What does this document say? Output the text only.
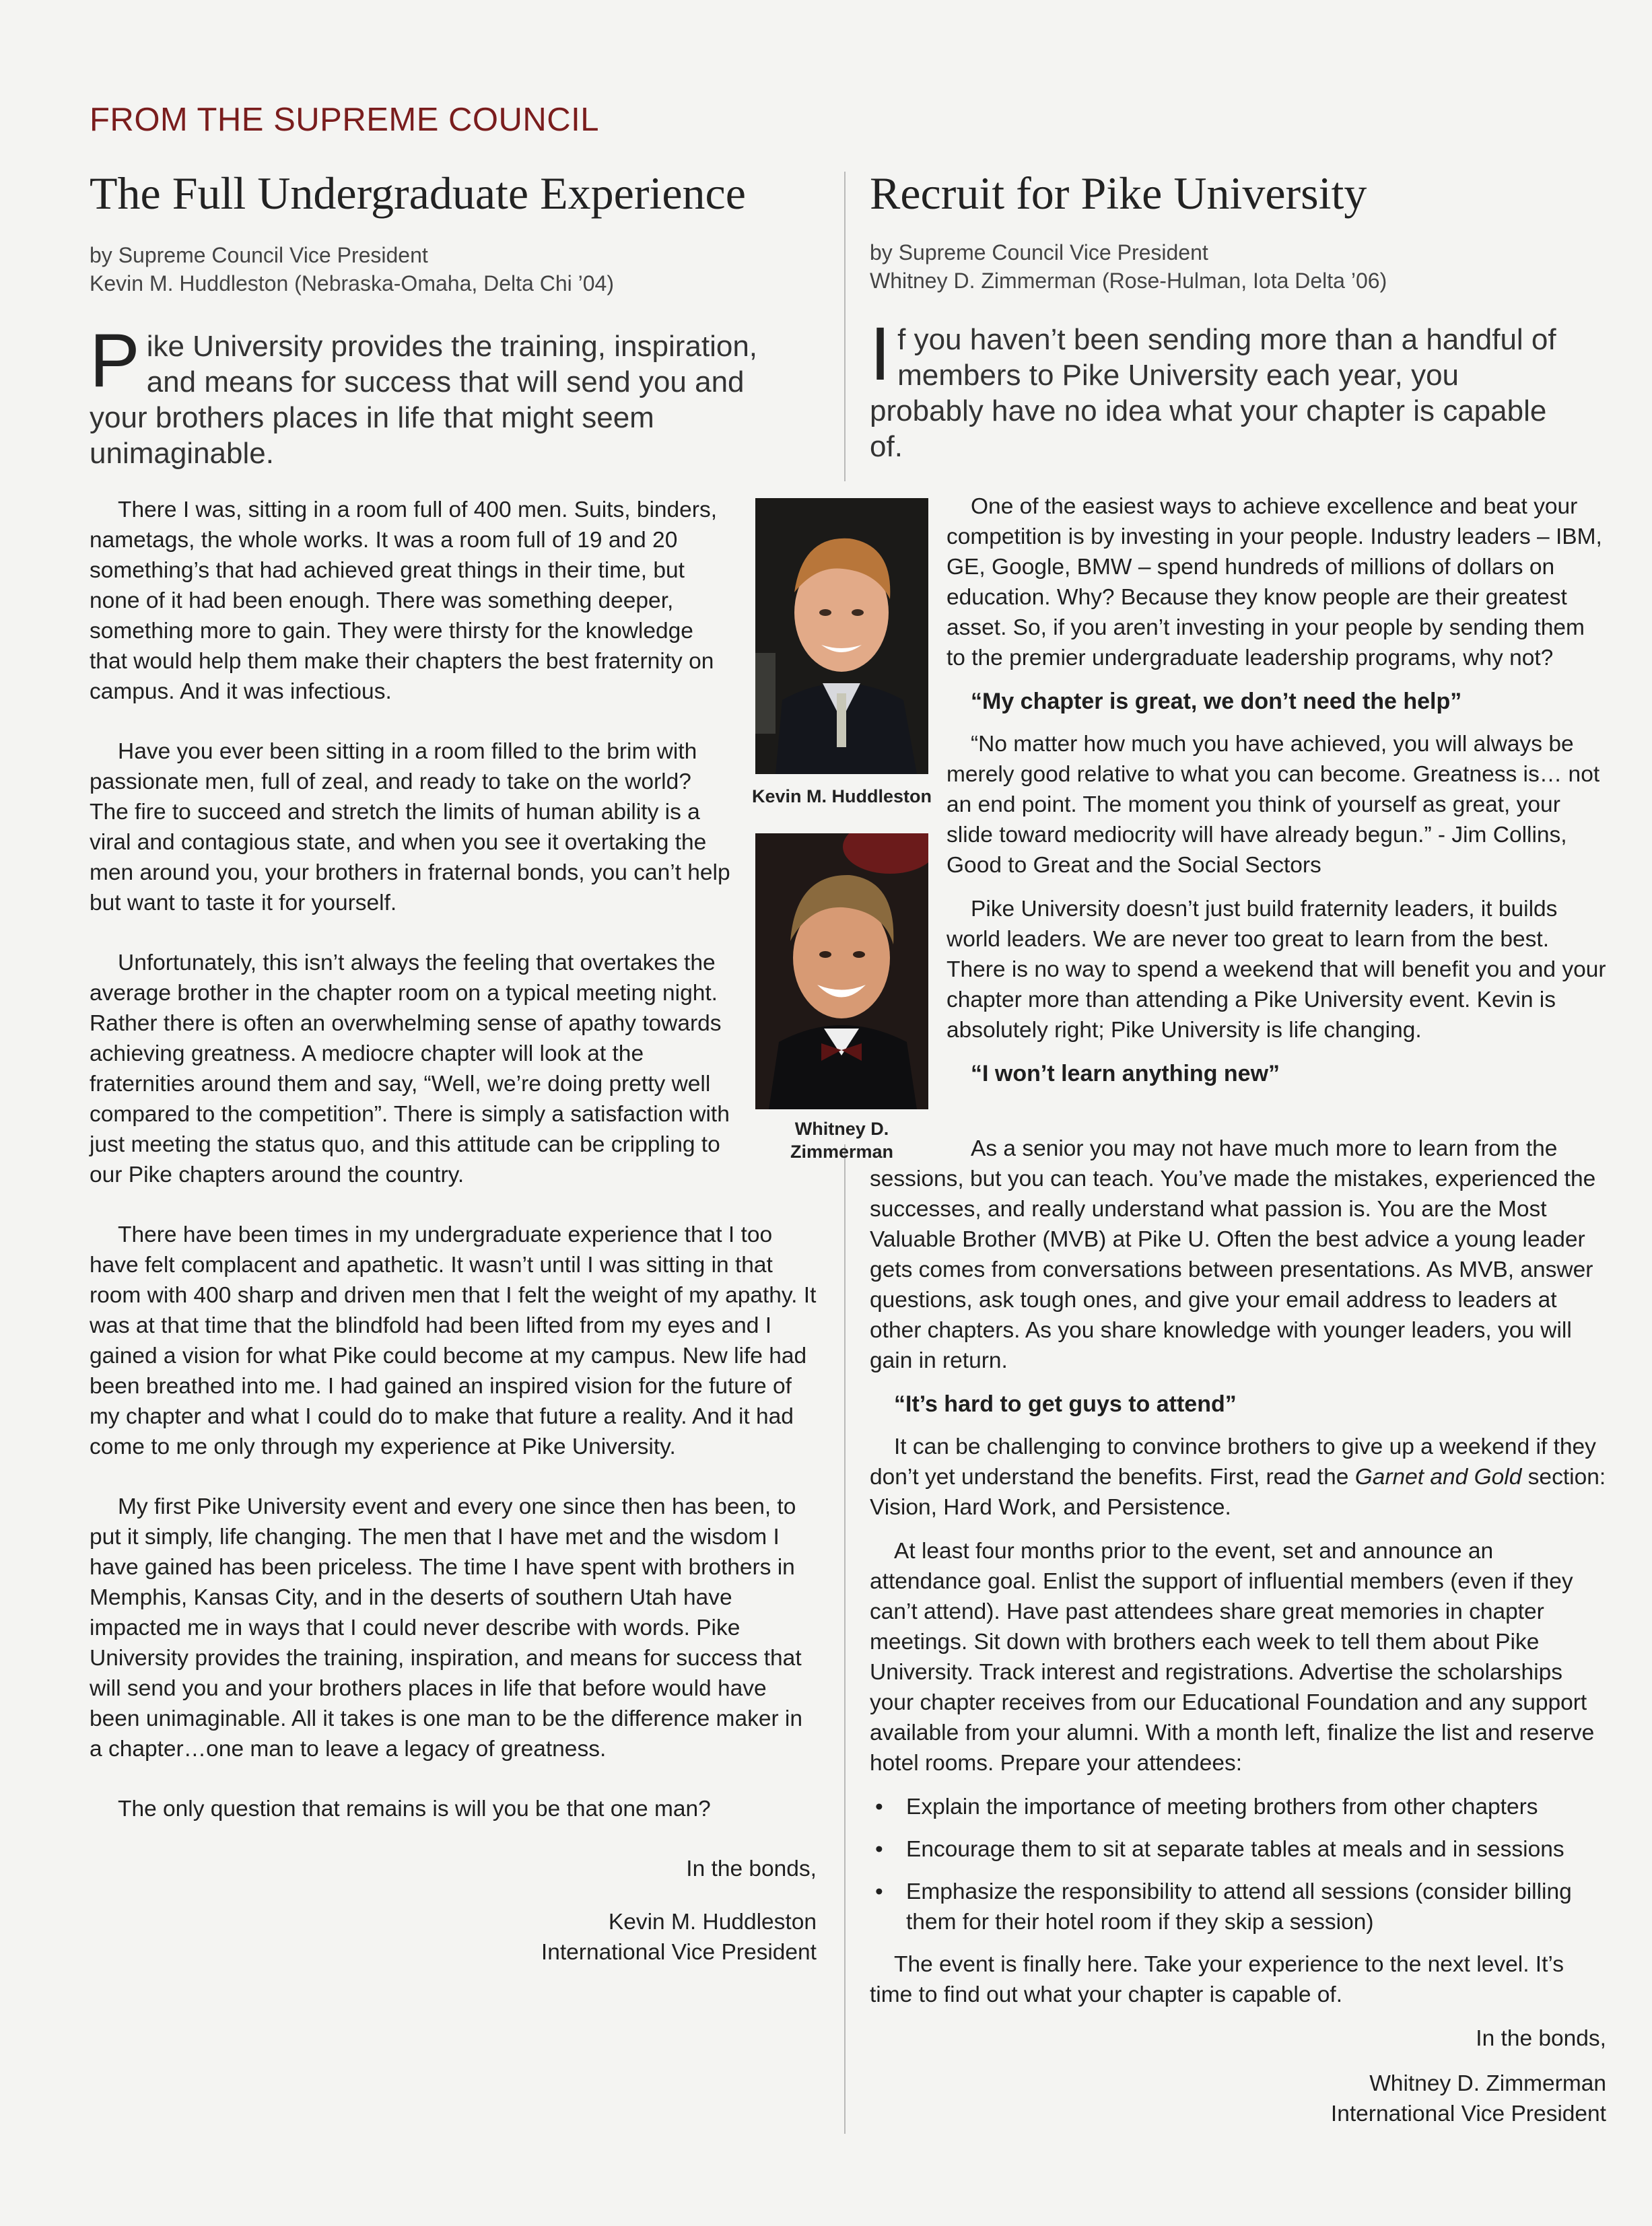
FROM THE SUPREME COUNCIL
The Full Undergraduate Experience
by Supreme Council Vice President
Kevin M. Huddleston (Nebraska-Omaha, Delta Chi ’04)
Pike University provides the training, inspiration, and means for success that will send you and your brothers places in life that might seem unimaginable.

There I was, sitting in a room full of 400 men. Suits, binders, nametags, the whole works. It was a room full of 19 and 20 something’s that had achieved great things in their time, but none of it had been enough. There was something deeper, something more to gain. They were thirsty for the knowledge that would help them make their chapters the best fraternity on campus. And it was infectious.

Have you ever been sitting in a room filled to the brim with passionate men, full of zeal, and ready to take on the world? The fire to succeed and stretch the limits of human ability is a viral and contagious state, and when you see it overtaking the men around you, your brothers in fraternal bonds, you can’t help but want to taste it for yourself.

Unfortunately, this isn’t always the feeling that overtakes the average brother in the chapter room on a typical meeting night. Rather there is often an overwhelming sense of apathy towards achieving greatness. A mediocre chapter will look at the fraternities around them and say, “Well, we’re doing pretty well compared to the competition”. There is simply a satisfaction with just meeting the status quo, and this attitude can be crippling to our Pike chapters around the country.

There have been times in my undergraduate experience that I too have felt complacent and apathetic. It wasn’t until I was sitting in that room with 400 sharp and driven men that I felt the weight of my apathy. It was at that time that the blindfold had been lifted from my eyes and I gained a vision for what Pike could become at my campus. New life had been breathed into me. I had gained an inspired vision for the future of my chapter and what I could do to make that future a reality. And it had come to me only through my experience at Pike University.

My first Pike University event and every one since then has been, to put it simply, life changing. The men that I have met and the wisdom I have gained has been priceless. The time I have spent with brothers in Memphis, Kansas City, and in the deserts of southern Utah have impacted me in ways that I could never describe with words. Pike University provides the training, inspiration, and means for success that will send you and your brothers places in life that before would have been unimaginable. All it takes is one man to be the difference maker in a chapter…one man to leave a legacy of greatness.

The only question that remains is will you be that one man?

In the bonds,

Kevin M. Huddleston

International Vice President

Kevin M. Huddleston
Whitney D.
Zimmerman
Recruit for Pike University
by Supreme Council Vice President
Whitney D. Zimmerman (Rose-Hulman, Iota Delta ’06)
If you haven’t been sending more than a handful of members to Pike University each year, you probably have no idea what your chapter is capable of.

One of the easiest ways to achieve excellence and beat your competition is by investing in your people. Industry leaders – IBM, GE, Google, BMW – spend hundreds of millions of dollars on education. Why? Because they know people are their greatest asset. So, if you aren’t investing in your people by sending them to the premier undergraduate leadership programs, why not?

“My chapter is great, we don’t need the help”

“No matter how much you have achieved, you will always be merely good relative to what you can become. Greatness is… not an end point. The moment you think of yourself as great, your slide toward mediocrity will have already begun.” - Jim Collins, Good to Great and the Social Sectors

Pike University doesn’t just build fraternity leaders, it builds world leaders. We are never too great to learn from the best. There is no way to spend a weekend that will benefit you and your chapter more than attending a Pike University event. Kevin is absolutely right; Pike University is life changing.

“I won’t learn anything new”

As a senior you may not have much more to learn from the sessions, but you can teach. You’ve made the mistakes, experienced the successes, and really understand what passion is. You are the Most Valuable Brother (MVB) at Pike U. Often the best advice a young leader gets comes from conversations between presentations. As MVB, answer questions, ask tough ones, and give your email address to leaders at other chapters. As you share knowledge with younger leaders, you will gain in return.

“It’s hard to get guys to attend”

It can be challenging to convince brothers to give up a weekend if they don’t yet understand the benefits. First, read the Garnet and Gold section: Vision, Hard Work, and Persistence.

At least four months prior to the event, set and announce an attendance goal. Enlist the support of influential members (even if they can’t attend). Have past attendees share great memories in chapter meetings. Sit down with brothers each week to tell them about Pike University. Track interest and registrations. Advertise the scholarships your chapter receives from our Educational Foundation and any support available from your alumni. With a month left, finalize the list and reserve hotel rooms. Prepare your attendees:

• Explain the importance of meeting brothers from other chapters
• Encourage them to sit at separate tables at meals and in sessions
• Emphasize the responsibility to attend all sessions (consider billing them for their hotel room if they skip a session)

The event is finally here. Take your experience to the next level. It’s time to find out what your chapter is capable of.

In the bonds,

Whitney D. Zimmerman

International Vice President
